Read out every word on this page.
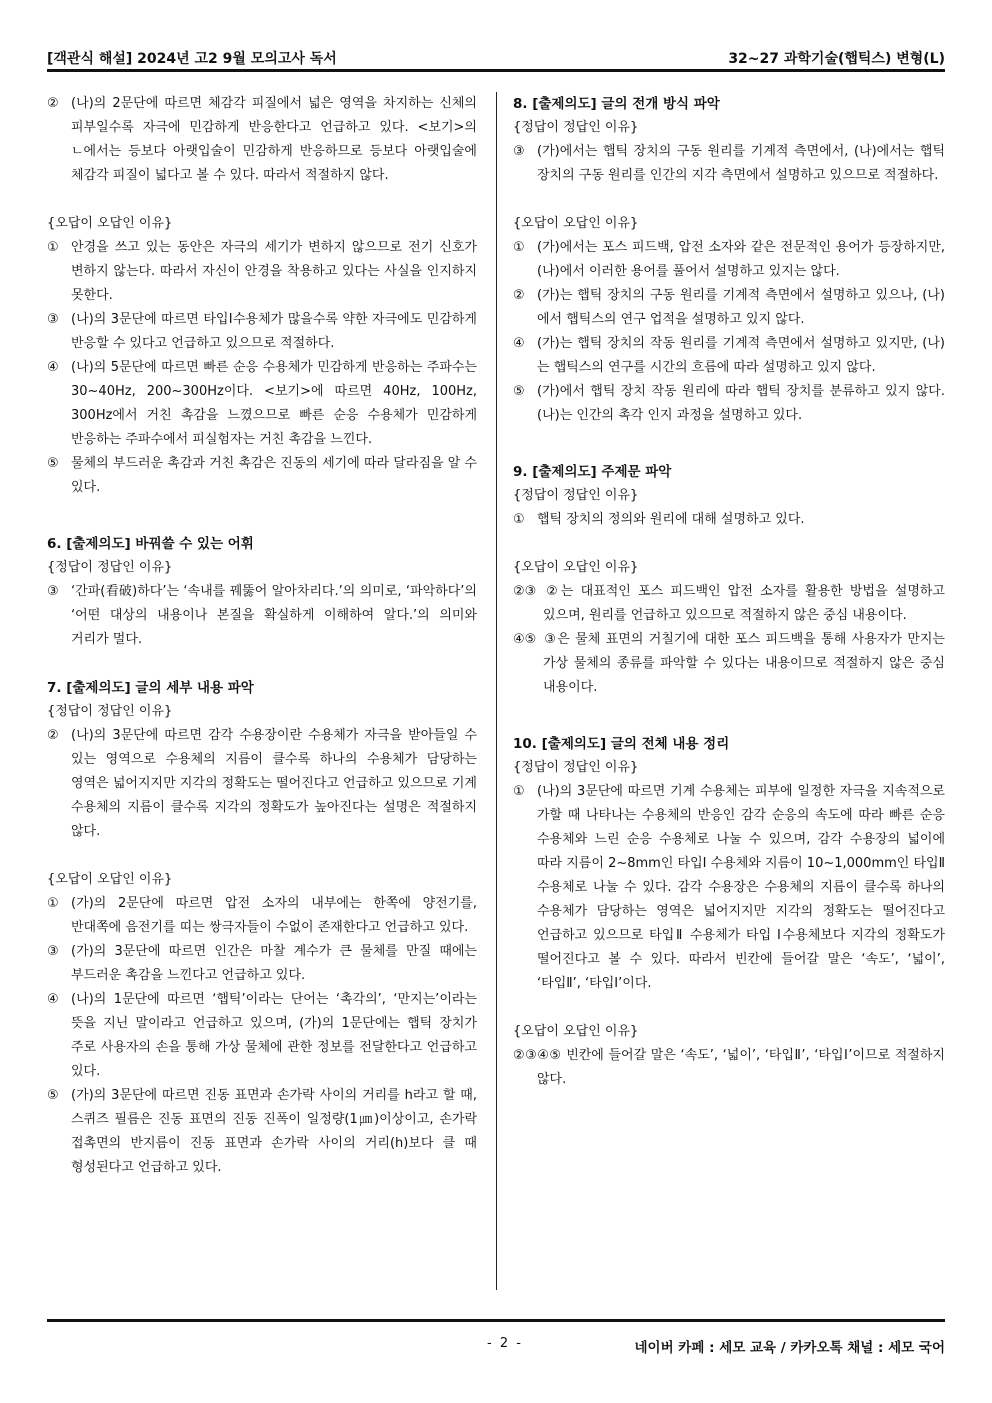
[객관식 해설] 2024년 고2 9월 모의고사 독서	32~27 과학기술(햅틱스) 변형(L)
② (나)의 2문단에 따르면 체감각 피질에서 넓은 영역을 차지하는 신체의 피부일수록 자극에 민감하게 반응한다고 언급하고 있다. <보기>의 ㄴ에서는 등보다 아랫입술이 민감하게 반응하므로 등보다 아랫입술에 체감각 피질이 넓다고 볼 수 있다. 따라서 적절하지 않다.
{오답이 오답인 이유}
① 안경을 쓰고 있는 동안은 자극의 세기가 변하지 않으므로 전기 신호가 변하지 않는다. 따라서 자신이 안경을 착용하고 있다는 사실을 인지하지 못한다.
③ (나)의 3문단에 따르면 타입Ⅰ수용체가 많을수록 약한 자극에도 민감하게 반응할 수 있다고 언급하고 있으므로 적절하다.
④ (나)의 5문단에 따르면 빠른 순응 수용체가 민감하게 반응하는 주파수는 30~40Hz, 200~300Hz이다. <보기>에 따르면 40Hz, 100Hz, 300Hz에서 거친 촉감을 느꼈으므로 빠른 순응 수용체가 민감하게 반응하는 주파수에서 피실험자는 거친 촉감을 느낀다.
⑤ 물체의 부드러운 촉감과 거친 촉감은 진동의 세기에 따라 달라짐을 알 수 있다.
6. [출제의도] 바꿔쓸 수 있는 어휘
{정답이 정답인 이유}
③ ‘간파(看破)하다’는 ‘속내를 꿰뚫어 알아차리다.’의 의미로, ‘파악하다’의 ‘어떤 대상의 내용이나 본질을 확실하게 이해하여 알다.’의 의미와 거리가 멀다.
7. [출제의도] 글의 세부 내용 파악
{정답이 정답인 이유}
② (나)의 3문단에 따르면 감각 수용장이란 수용체가 자극을 받아들일 수 있는 영역으로 수용체의 지름이 클수록 하나의 수용체가 담당하는 영역은 넓어지지만 지각의 정확도는 떨어진다고 언급하고 있으므로 기계 수용체의 지름이 클수록 지각의 정확도가 높아진다는 설명은 적절하지 않다.
{오답이 오답인 이유}
① (가)의 2문단에 따르면 압전 소자의 내부에는 한쪽에 양전기를, 반대쪽에 음전기를 띠는 쌍극자들이 수없이 존재한다고 언급하고 있다.
③ (가)의 3문단에 따르면 인간은 마찰 계수가 큰 물체를 만질 때에는 부드러운 촉감을 느낀다고 언급하고 있다.
④ (나)의 1문단에 따르면 ‘햅틱’이라는 단어는 ‘촉각의’, ‘만지는’이라는 뜻을 지닌 말이라고 언급하고 있으며, (가)의 1문단에는 햅틱 장치가 주로 사용자의 손을 통해 가상 물체에 관한 정보를 전달한다고 언급하고 있다.
⑤ (가)의 3문단에 따르면 진동 표면과 손가락 사이의 거리를 h라고 할 때, 스퀴즈 필름은 진동 표면의 진동 진폭이 일정량(1㎛)이상이고, 손가락 접촉면의 반지름이 진동 표면과 손가락 사이의 거리(h)보다 클 때 형성된다고 언급하고 있다.
8. [출제의도] 글의 전개 방식 파악
{정답이 정답인 이유}
③ (가)에서는 햅틱 장치의 구동 원리를 기계적 측면에서, (나)에서는 햅틱 장치의 구동 원리를 인간의 지각 측면에서 설명하고 있으므로 적절하다.
{오답이 오답인 이유}
① (가)에서는 포스 피드백, 압전 소자와 같은 전문적인 용어가 등장하지만, (나)에서 이러한 용어를 풀어서 설명하고 있지는 않다.
② (가)는 햅틱 장치의 구동 원리를 기계적 측면에서 설명하고 있으나, (나)에서 햅틱스의 연구 업적을 설명하고 있지 않다.
④ (가)는 햅틱 장치의 작동 원리를 기계적 측면에서 설명하고 있지만, (나)는 햅틱스의 연구를 시간의 흐름에 따라 설명하고 있지 않다.
⑤ (가)에서 햅틱 장치 작동 원리에 따라 햅틱 장치를 분류하고 있지 않다. (나)는 인간의 촉각 인지 과정을 설명하고 있다.
9. [출제의도] 주제문 파악
{정답이 정답인 이유}
① 햅틱 장치의 정의와 원리에 대해 설명하고 있다.
{오답이 오답인 이유}
②③ ②는 대표적인 포스 피드백인 압전 소자를 활용한 방법을 설명하고 있으며, 원리를 언급하고 있으므로 적절하지 않은 중심 내용이다.
④⑤ ③은 물체 표면의 거칠기에 대한 포스 피드백을 통해 사용자가 만지는 가상 물체의 종류를 파악할 수 있다는 내용이므로 적절하지 않은 중심 내용이다.
10. [출제의도] 글의 전체 내용 정리
{정답이 정답인 이유}
① (나)의 3문단에 따르면 기계 수용체는 피부에 일정한 자극을 지속적으로 가할 때 나타나는 수용체의 반응인 감각 순응의 속도에 따라 빠른 순응 수용체와 느린 순응 수용체로 나눌 수 있으며, 감각 수용장의 넓이에 따라 지름이 2~8mm인 타입Ⅰ 수용체와 지름이 10~1,000mm인 타입Ⅱ 수용체로 나눌 수 있다. 감각 수용장은 수용체의 지름이 클수록 하나의 수용체가 담당하는 영역은 넓어지지만 지각의 정확도는 떨어진다고 언급하고 있으므로 타입Ⅱ 수용체가 타입 Ⅰ수용체보다 지각의 정확도가 떨어진다고 볼 수 있다. 따라서 빈칸에 들어갈 말은 ‘속도’, ‘넓이’, ‘타입Ⅱ’, ‘타입Ⅰ’이다.
{오답이 오답인 이유}
②③④⑤ 빈칸에 들어갈 말은 ‘속도’, ‘넓이’, ‘타입Ⅱ’, ‘타입Ⅰ’이므로 적절하지 않다.
- 2 -	네이버 카페 : 세모 교육 / 카카오톡 채널 : 세모 국어
